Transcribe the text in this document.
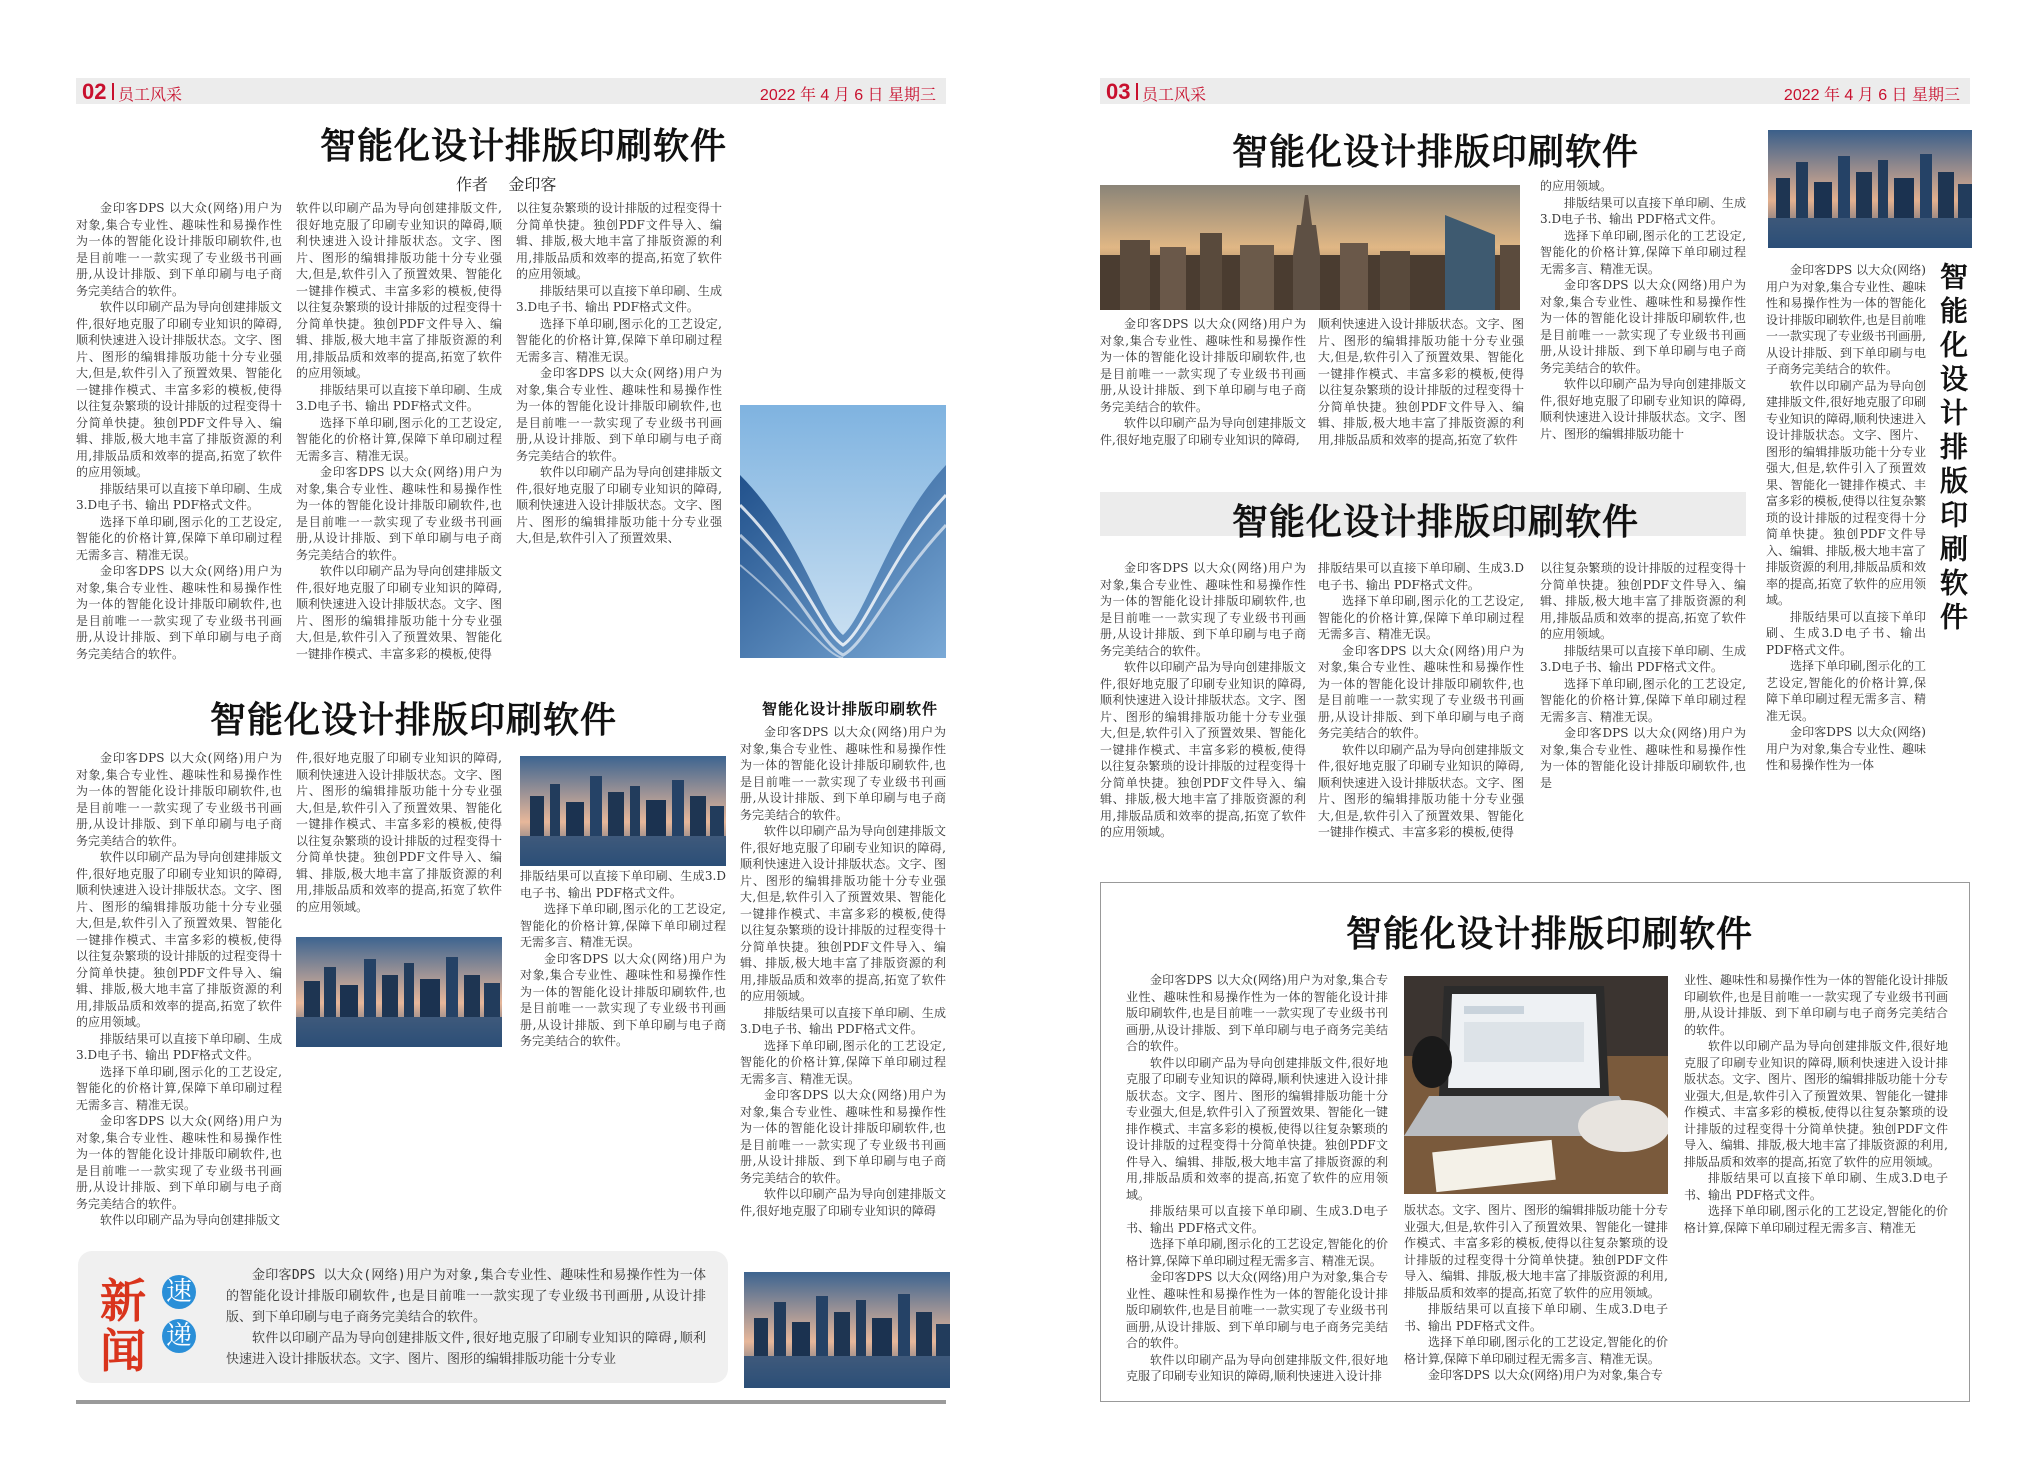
02 员工风采	2022 年 4 月 6 日 星期三
智能化设计排版印刷软件
作者    金印客

金印客DPS 以大众(网络)用户为对象,集合专业性、趣味性和易操作性为一体的智能化设计排版印刷软件,也是目前唯一一款实现了专业级书刊画册,从设计排版、到下单印刷与电子商务完美结合的软件。

软件以印刷产品为导向创建排版文件,很好地克服了印刷专业知识的障碍,顺利快速进入设计排版状态。文字、图片、图形的编辑排版功能十分专业强大,但是,软件引入了预置效果、智能化一键排作模式、丰富多彩的模板,使得以往复杂繁琐的设计排版的过程变得十分简单快捷。独创PDF文件导入、编辑、排版,极大地丰富了排版资源的利用,排版品质和效率的提高,拓宽了软件的应用领域。

排版结果可以直接下单印刷、生成3.D电子书、输出 PDF格式文件。

选择下单印刷,图示化的工艺设定,智能化的价格计算,保障下单印刷过程无需多言、精准无误。

金印客DPS 以大众(网络)用户为对象,集合专业性、趣味性和易操作性为一体的智能化设计排版印刷软件,也是目前唯一一款实现了专业级书刊画册,从设计排版、到下单印刷与电子商务完美结合的软件。

软件以印刷产品为导向创建排版文件,很好地克服了印刷专业知识的障碍,顺利快速进入设计排版状态。文字、图片、图形的编辑排版功能十分专业强大,但是,软件引入了预置效果、智能化一键排作模式、丰富多彩的模板,使得以往复杂繁琐的设计排版的过程变得十分简单快捷。独创PDF文件导入、编辑、排版,极大地丰富了排版资源的利用,排版品质和效率的提高,拓宽了软件的应用领域。

排版结果可以直接下单印刷、生成3.D电子书、输出 PDF格式文件。

选择下单印刷,图示化的工艺设定,智能化的价格计算,保障下单印刷过程无需多言、精准无误。

金印客DPS 以大众(网络)用户为对象,集合专业性、趣味性和易操作性为一体的智能化设计排版印刷软件,也是目前唯一一款实现了专业级书刊画册,从设计排版、到下单印刷与电子商务完美结合的软件。

软件以印刷产品为导向创建排版文件,很好地克服了印刷专业知识的障碍,顺利快速进入设计排版状态。文字、图片、图形的编辑排版功能十分专业强大,但是,软件引入了预置效果、智能化一键排作模式、丰富多彩的模板,使得

以往复杂繁琐的设计排版的过程变得十分简单快捷。独创PDF文件导入、编辑、排版,极大地丰富了排版资源的利用,排版品质和效率的提高,拓宽了软件的应用领域。

排版结果可以直接下单印刷、生成3.D电子书、输出 PDF格式文件。

选择下单印刷,图示化的工艺设定,智能化的价格计算,保障下单印刷过程无需多言、精准无误。

金印客DPS 以大众(网络)用户为对象,集合专业性、趣味性和易操作性为一体的智能化设计排版印刷软件,也是目前唯一一款实现了专业级书刊画册,从设计排版、到下单印刷与电子商务完美结合的软件。

软件以印刷产品为导向创建排版文件,很好地克服了印刷专业知识的障碍,顺利快速进入设计排版状态。文字、图片、图形的编辑排版功能十分专业强大,但是,软件引入了预置效果、

智能化设计排版印刷软件

金印客DPS 以大众(网络)用户为对象,集合专业性、趣味性和易操作性为一体的智能化设计排版印刷软件,也是目前唯一一款实现了专业级书刊画册,从设计排版、到下单印刷与电子商务完美结合的软件。

软件以印刷产品为导向创建排版文件,很好地克服了印刷专业知识的障碍,顺利快速进入设计排版状态。文字、图片、图形的编辑排版功能十分专业强大,但是,软件引入了预置效果、智能化一键排作模式、丰富多彩的模板,使得以往复杂繁琐的设计排版的过程变得十分简单快捷。独创PDF文件导入、编辑、排版,极大地丰富了排版资源的利用,排版品质和效率的提高,拓宽了软件的应用领域。

排版结果可以直接下单印刷、生成3.D电子书、输出 PDF格式文件。

选择下单印刷,图示化的工艺设定,智能化的价格计算,保障下单印刷过程无需多言、精准无误。

金印客DPS 以大众(网络)用户为对象,集合专业性、趣味性和易操作性为一体的智能化设计排版印刷软件,也是目前唯一一款实现了专业级书刊画册,从设计排版、到下单印刷与电子商务完美结合的软件。

软件以印刷产品为导向创建排版文

件,很好地克服了印刷专业知识的障碍,顺利快速进入设计排版状态。文字、图片、图形的编辑排版功能十分专业强大,但是,软件引入了预置效果、智能化一键排作模式、丰富多彩的模板,使得以往复杂繁琐的设计排版的过程变得十分简单快捷。独创PDF文件导入、编辑、排版,极大地丰富了排版资源的利用,排版品质和效率的提高,拓宽了软件的应用领域。

排版结果可以直接下单印刷、生成3.D电子书、输出 PDF格式文件。

选择下单印刷,图示化的工艺设定,智能化的价格计算,保障下单印刷过程无需多言、精准无误。

金印客DPS 以大众(网络)用户为对象,集合专业性、趣味性和易操作性为一体的智能化设计排版印刷软件,也是目前唯一一款实现了专业级书刊画册,从设计排版、到下单印刷与电子商务完美结合的软件。

智能化设计排版印刷软件

金印客DPS 以大众(网络)用户为对象,集合专业性、趣味性和易操作性为一体的智能化设计排版印刷软件,也是目前唯一一款实现了专业级书刊画册,从设计排版、到下单印刷与电子商务完美结合的软件。

软件以印刷产品为导向创建排版文件,很好地克服了印刷专业知识的障碍,顺利快速进入设计排版状态。文字、图片、图形的编辑排版功能十分专业强大,但是,软件引入了预置效果、智能化一键排作模式、丰富多彩的模板,使得以往复杂繁琐的设计排版的过程变得十分简单快捷。独创PDF文件导入、编辑、排版,极大地丰富了排版资源的利用,排版品质和效率的提高,拓宽了软件的应用领域。

排版结果可以直接下单印刷、生成3.D电子书、输出 PDF格式文件。

选择下单印刷,图示化的工艺设定,智能化的价格计算,保障下单印刷过程无需多言、精准无误。

金印客DPS 以大众(网络)用户为对象,集合专业性、趣味性和易操作性为一体的智能化设计排版印刷软件,也是目前唯一一款实现了专业级书刊画册,从设计排版、到下单印刷与电子商务完美结合的软件。

软件以印刷产品为导向创建排版文件,很好地克服了印刷专业知识的障碍

新
闻
速
递

金印客DPS 以大众(网络)用户为对象,集合专业性、趣味性和易操作性为一体的智能化设计排版印刷软件,也是目前唯一一款实现了专业级书刊画册,从设计排版、到下单印刷与电子商务完美结合的软件。

软件以印刷产品为导向创建排版文件,很好地克服了印刷专业知识的障碍,顺利快速进入设计排版状态。文字、图片、图形的编辑排版功能十分专业

03 员工风采	2022 年 4 月 6 日 星期三
智能化设计排版印刷软件

金印客DPS 以大众(网络)用户为对象,集合专业性、趣味性和易操作性为一体的智能化设计排版印刷软件,也是目前唯一一款实现了专业级书刊画册,从设计排版、到下单印刷与电子商务完美结合的软件。

软件以印刷产品为导向创建排版文件,很好地克服了印刷专业知识的障碍,

顺利快速进入设计排版状态。文字、图片、图形的编辑排版功能十分专业强大,但是,软件引入了预置效果、智能化一键排作模式、丰富多彩的模板,使得以往复杂繁琐的设计排版的过程变得十分简单快捷。独创PDF文件导入、编辑、排版,极大地丰富了排版资源的利用,排版品质和效率的提高,拓宽了软件

的应用领域。

排版结果可以直接下单印刷、生成3.D电子书、输出 PDF格式文件。

选择下单印刷,图示化的工艺设定,智能化的价格计算,保障下单印刷过程无需多言、精准无误。

金印客DPS 以大众(网络)用户为对象,集合专业性、趣味性和易操作性为一体的智能化设计排版印刷软件,也是目前唯一一款实现了专业级书刊画册,从设计排版、到下单印刷与电子商务完美结合的软件。

软件以印刷产品为导向创建排版文件,很好地克服了印刷专业知识的障碍,顺利快速进入设计排版状态。文字、图片、图形的编辑排版功能十

智能化设计排版印刷软件

金印客DPS 以大众(网络)用户为对象,集合专业性、趣味性和易操作性为一体的智能化设计排版印刷软件,也是目前唯一一款实现了专业级书刊画册,从设计排版、到下单印刷与电子商务完美结合的软件。

软件以印刷产品为导向创建排版文件,很好地克服了印刷专业知识的障碍,顺利快速进入设计排版状态。文字、图片、图形的编辑排版功能十分专业强大,但是,软件引入了预置效果、智能化一键排作模式、丰富多彩的模板,使得以往复杂繁琐的设计排版的过程变得十分简单快捷。独创PDF文件导入、编辑、排版,极大地丰富了排版资源的利用,排版品质和效率的提高,拓宽了软件的应用领域。

排版结果可以直接下单印刷、生成3.D电子书、输出 PDF格式文件。

选择下单印刷,图示化的工艺设定,智能化的价格计算,保障下单印刷过程无需多言、精准无误。

金印客DPS 以大众(网络)用户为对象,集合专业性、趣味性和易操作性为一体的智能化设计排版印刷软件,也是目前唯一一款实现了专业级书刊画册,从设计排版、到下单印刷与电子商务完美结合的软件。

软件以印刷产品为导向创建排版文件,很好地克服了印刷专业知识的障碍,顺利快速进入设计排版状态。文字、图片、图形的编辑排版功能十分专业强大,但是,软件引入了预置效果、智能化一键排作模式、丰富多彩的模板,使得

以往复杂繁琐的设计排版的过程变得十分简单快捷。独创PDF文件导入、编辑、排版,极大地丰富了排版资源的利用,排版品质和效率的提高,拓宽了软件的应用领域。

排版结果可以直接下单印刷、生成3.D电子书、输出 PDF格式文件。

选择下单印刷,图示化的工艺设定,智能化的价格计算,保障下单印刷过程无需多言、精准无误。

金印客DPS 以大众(网络)用户为对象,集合专业性、趣味性和易操作性为一体的智能化设计排版印刷软件,也是

金印客DPS 以大众(网络)用户为对象,集合专业性、趣味性和易操作性为一体的智能化设计排版印刷软件,也是目前唯一一款实现了专业级书刊画册,从设计排版、到下单印刷与电子商务完美结合的软件。

软件以印刷产品为导向创建排版文件,很好地克服了印刷专业知识的障碍,顺利快速进入设计排版状态。文字、图片、图形的编辑排版功能十分专业强大,但是,软件引入了预置效果、智能化一键排作模式、丰富多彩的模板,使得以往复杂繁琐的设计排版的过程变得十分简单快捷。独创PDF文件导入、编辑、排版,极大地丰富了排版资源的利用,排版品质和效率的提高,拓宽了软件的应用领域。

排版结果可以直接下单印刷、生成3.D电子书、输出 PDF格式文件。

选择下单印刷,图示化的工艺设定,智能化的价格计算,保障下单印刷过程无需多言、精准无误。

金印客DPS 以大众(网络)用户为对象,集合专业性、趣味性和易操作性为一体

智能化设计排版印刷软件
智能化设计排版印刷软件

金印客DPS 以大众(网络)用户为对象,集合专业性、趣味性和易操作性为一体的智能化设计排版印刷软件,也是目前唯一一款实现了专业级书刊画册,从设计排版、到下单印刷与电子商务完美结合的软件。

软件以印刷产品为导向创建排版文件,很好地克服了印刷专业知识的障碍,顺利快速进入设计排版状态。文字、图片、图形的编辑排版功能十分专业强大,但是,软件引入了预置效果、智能化一键排作模式、丰富多彩的模板,使得以往复杂繁琐的设计排版的过程变得十分简单快捷。独创PDF文件导入、编辑、排版,极大地丰富了排版资源的利用,排版品质和效率的提高,拓宽了软件的应用领域。

排版结果可以直接下单印刷、生成3.D电子书、输出 PDF格式文件。

选择下单印刷,图示化的工艺设定,智能化的价格计算,保障下单印刷过程无需多言、精准无误。

金印客DPS 以大众(网络)用户为对象,集合专业性、趣味性和易操作性为一体的智能化设计排版印刷软件,也是目前唯一一款实现了专业级书刊画册,从设计排版、到下单印刷与电子商务完美结合的软件。

软件以印刷产品为导向创建排版文件,很好地克服了印刷专业知识的障碍,顺利快速进入设计排

版状态。文字、图片、图形的编辑排版功能十分专业强大,但是,软件引入了预置效果、智能化一键排作模式、丰富多彩的模板,使得以往复杂繁琐的设计排版的过程变得十分简单快捷。独创PDF文件导入、编辑、排版,极大地丰富了排版资源的利用,排版品质和效率的提高,拓宽了软件的应用领域。

排版结果可以直接下单印刷、生成3.D电子书、输出 PDF格式文件。

选择下单印刷,图示化的工艺设定,智能化的价格计算,保障下单印刷过程无需多言、精准无误。

金印客DPS 以大众(网络)用户为对象,集合专

业性、趣味性和易操作性为一体的智能化设计排版印刷软件,也是目前唯一一款实现了专业级书刊画册,从设计排版、到下单印刷与电子商务完美结合的软件。

软件以印刷产品为导向创建排版文件,很好地克服了印刷专业知识的障碍,顺利快速进入设计排版状态。文字、图片、图形的编辑排版功能十分专业强大,但是,软件引入了预置效果、智能化一键排作模式、丰富多彩的模板,使得以往复杂繁琐的设计排版的过程变得十分简单快捷。独创PDF文件导入、编辑、排版,极大地丰富了排版资源的利用,排版品质和效率的提高,拓宽了软件的应用领域。

排版结果可以直接下单印刷、生成3.D电子书、输出 PDF格式文件。

选择下单印刷,图示化的工艺设定,智能化的价格计算,保障下单印刷过程无需多言、精准无
